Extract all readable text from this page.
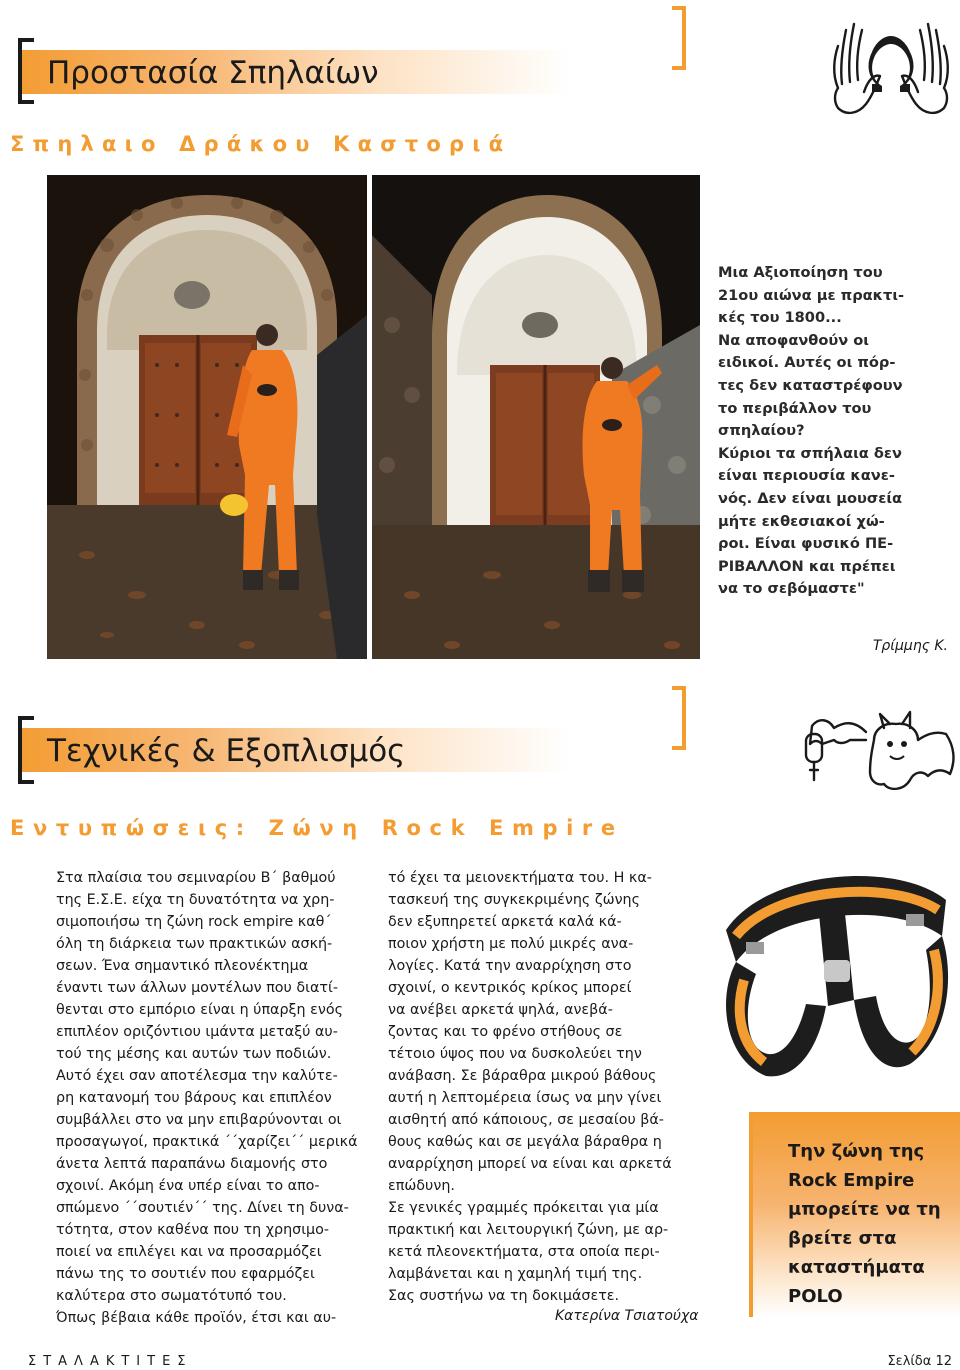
Προστασία Σπηλαίων
Σπηλαιο Δράκου Καστοριά
Μια Αξιοποίηση του
21ου αιώνα με πρακτι-
κές του 1800...
Να αποφανθούν οι
ειδικοί. Αυτές οι πόρ-
τες δεν καταστρέφουν
το περιβάλλον του
σπηλαίου?
Κύριοι τα σπήλαια δεν
είναι περιουσία κανε-
νός. Δεν είναι μουσεία
μήτε εκθεσιακοί χώ-
ροι. Είναι φυσικό ΠΕ-
ΡΙΒΑΛΛΟΝ και πρέπει
να το σεβόμαστε"
Τρίμμης Κ.
Τεχνικές & Εξοπλισμός
Εντυπώσεις: Ζώνη Rock Empire
Στα πλαίσια του σεμιναρίου Β΄ βαθμού
της Ε.Σ.Ε. είχα τη δυνατότητα να χρη-
σιμοποιήσω τη ζώνη rock empire καθ΄
όλη τη διάρκεια των πρακτικών ασκή-
σεων. Ένα σημαντικό πλεονέκτημα
έναντι των άλλων μοντέλων που διατί-
θενται στο εμπόριο είναι η ύπαρξη ενός
επιπλέον οριζόντιου ιμάντα μεταξύ αυ-
τού της μέσης και αυτών των ποδιών.
Αυτό έχει σαν αποτέλεσμα την καλύτε-
ρη κατανομή του βάρους και επιπλέον
συμβάλλει στο να μην επιβαρύνονται οι
προσαγωγοί, πρακτικά ΄΄χαρίζει΄΄ μερικά
άνετα λεπτά παραπάνω διαμονής στο
σχοινί. Ακόμη ένα υπέρ είναι το απο-
σπώμενο ΄΄σουτιέν΄΄ της. Δίνει τη δυνα-
τότητα, στον καθένα που τη χρησιμο-
ποιεί να επιλέγει και να προσαρμόζει
πάνω της το σουτιέν που εφαρμόζει
καλύτερα στο σωματότυπό του.
Όπως βέβαια κάθε προϊόν, έτσι και αυ-
τό έχει τα μειονεκτήματα του. Η κα-
τασκευή της συγκεκριμένης ζώνης
δεν εξυπηρετεί αρκετά καλά κά-
ποιον χρήστη με πολύ μικρές ανα-
λογίες. Κατά την αναρρίχηση στο
σχοινί, ο κεντρικός κρίκος μπορεί
να ανέβει αρκετά ψηλά, ανεβά-
ζοντας και το φρένο στήθους σε
τέτοιο ύψος που να δυσκολεύει την
ανάβαση. Σε βάραθρα μικρού βάθους
αυτή η λεπτομέρεια ίσως να μην γίνει
αισθητή από κάποιους, σε μεσαίου βά-
θους καθώς και σε μεγάλα βάραθρα η
αναρρίχηση μπορεί να είναι και αρκετά
επώδυνη.
Σε γενικές γραμμές πρόκειται για μία
πρακτική και λειτουργική ζώνη, με αρ-
κετά πλεονεκτήματα, στα οποία περι-
λαμβάνεται και η χαμηλή τιμή της.
Σας συστήνω να τη δοκιμάσετε.
Κατερίνα Τσιατούχα
Την ζώνη της
Rock Empire
μπορείτε να τη
βρείτε στα
καταστήματα
POLO
ΣΤΑΛΑΚΤΙΤΕΣ	Σελίδα 12
